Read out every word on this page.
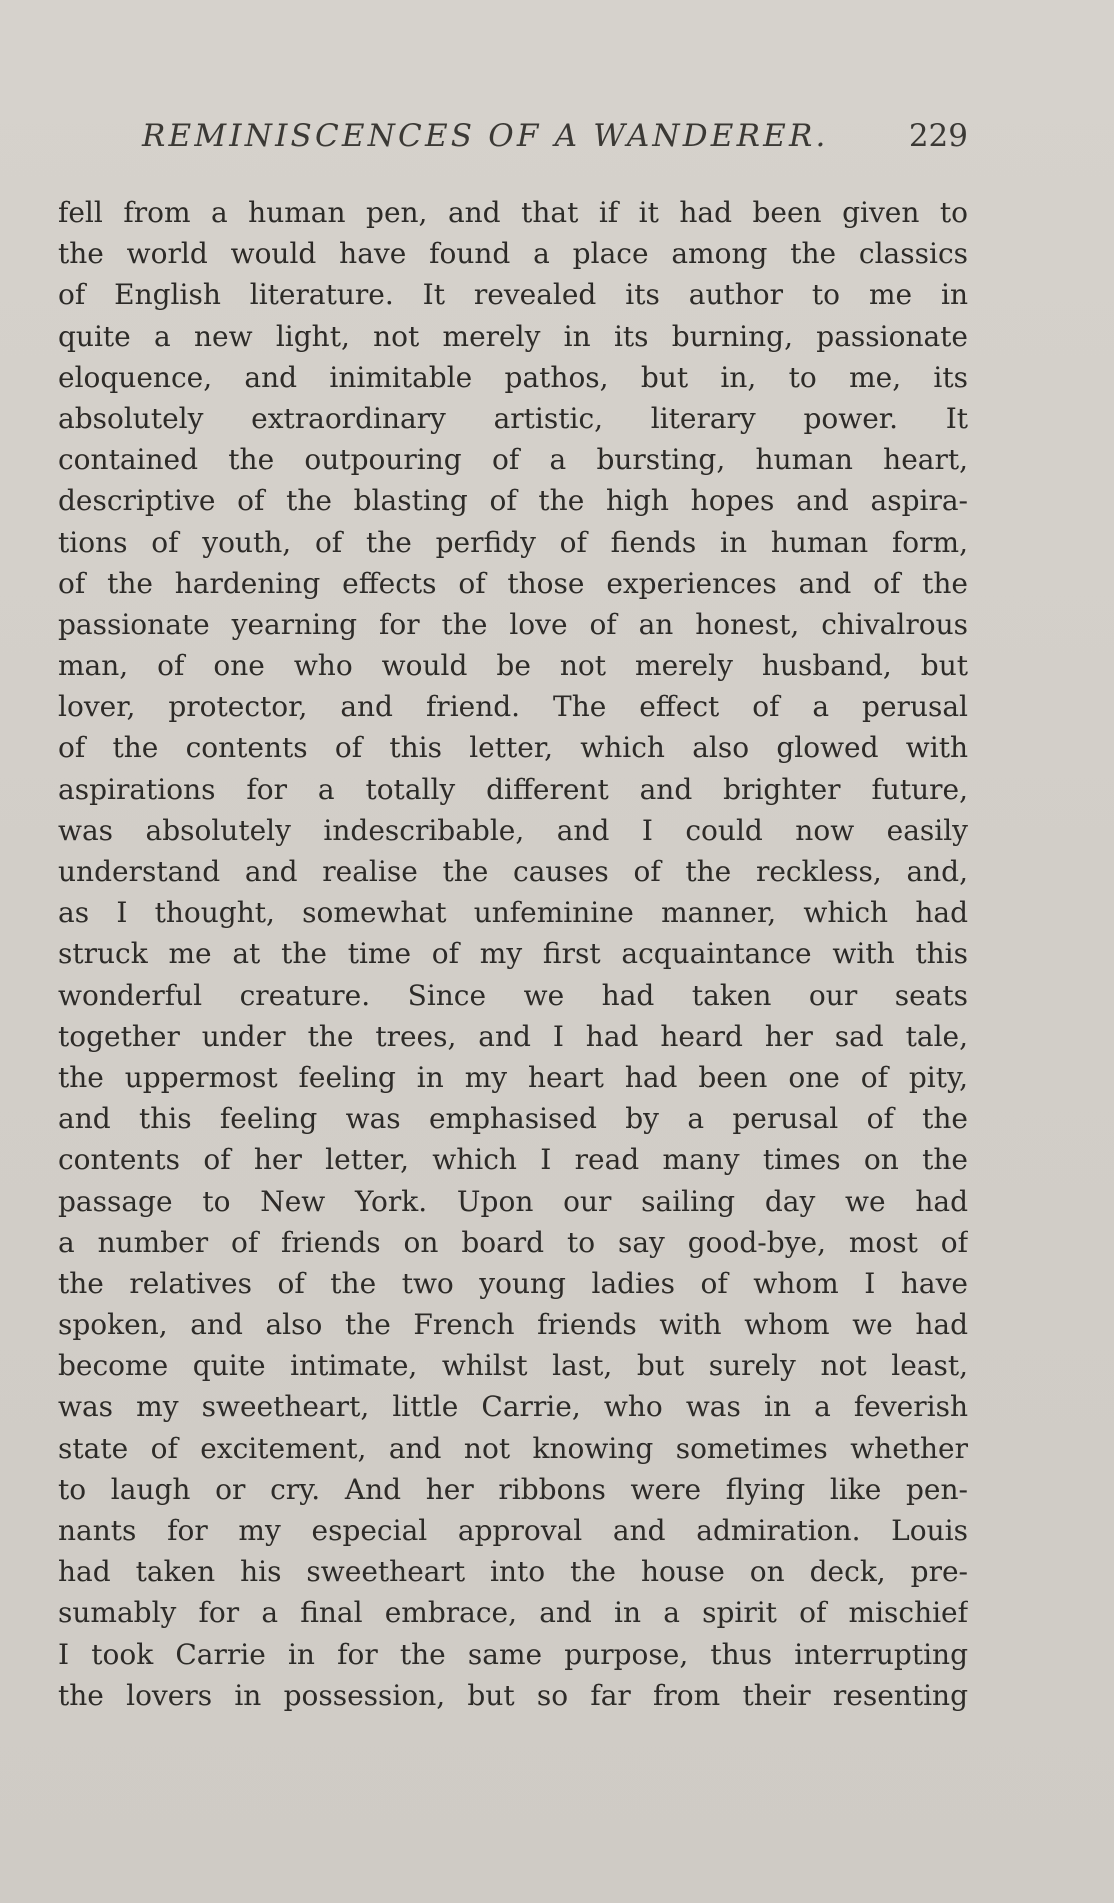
REMINISCENCES OF A WANDERER.	229
fell from a human pen, and that if it had been given to
the world would have found a place among the classics
of English literature. It revealed its author to me in
quite a new light, not merely in its burning, passionate
eloquence, and inimitable pathos, but in, to me, its
absolutely extraordinary artistic, literary power. It
contained the outpouring of a bursting, human heart,
descriptive of the blasting of the high hopes and aspira-
tions of youth, of the perfidy of fiends in human form,
of the hardening effects of those experiences and of the
passionate yearning for the love of an honest, chivalrous
man, of one who would be not merely husband, but
lover, protector, and friend. The effect of a perusal
of the contents of this letter, which also glowed with
aspirations for a totally different and brighter future,
was absolutely indescribable, and I could now easily
understand and realise the causes of the reckless, and,
as I thought, somewhat unfeminine manner, which had
struck me at the time of my first acquaintance with this
wonderful creature. Since we had taken our seats
together under the trees, and I had heard her sad tale,
the uppermost feeling in my heart had been one of pity,
and this feeling was emphasised by a perusal of the
contents of her letter, which I read many times on the
passage to New York. Upon our sailing day we had
a number of friends on board to say good-bye, most of
the relatives of the two young ladies of whom I have
spoken, and also the French friends with whom we had
become quite intimate, whilst last, but surely not least,
was my sweetheart, little Carrie, who was in a feverish
state of excitement, and not knowing sometimes whether
to laugh or cry. And her ribbons were flying like pen-
nants for my especial approval and admiration. Louis
had taken his sweetheart into the house on deck, pre-
sumably for a final embrace, and in a spirit of mischief
I took Carrie in for the same purpose, thus interrupting
the lovers in possession, but so far from their resenting
